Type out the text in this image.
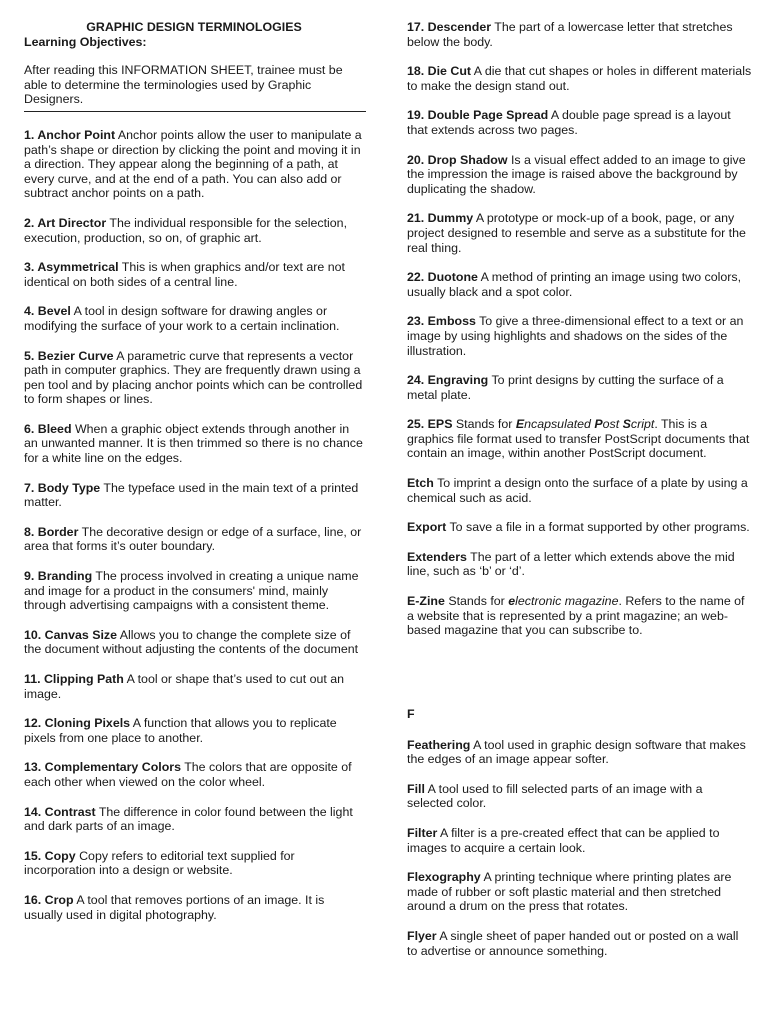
GRAPHIC DESIGN TERMINOLOGIES

Learning Objectives:

After reading this INFORMATION SHEET, trainee must be able to determine the terminologies used by Graphic Designers.

1. Anchor Point Anchor points allow the user to manipulate a path’s shape or direction by clicking the point and moving it in a direction. They appear along the beginning of a path, at every curve, and at the end of a path. You can also add or subtract anchor points on a path.

2. Art Director The individual responsible for the selection, execution, production, so on, of graphic art.

3. Asymmetrical This is when graphics and/or text are not identical on both sides of a central line.

4. Bevel A tool in design software for drawing angles or modifying the surface of your work to a certain inclination.

5. Bezier Curve A parametric curve that represents a vector path in computer graphics. They are frequently drawn using a pen tool and by placing anchor points which can be controlled to form shapes or lines.

6. Bleed When a graphic object extends through another in an unwanted manner. It is then trimmed so there is no chance for a white line on the edges.

7. Body Type The typeface used in the main text of a printed matter.

8. Border The decorative design or edge of a surface, line, or area that forms it’s outer boundary.

9. Branding The process involved in creating a unique name and image for a product in the consumers' mind, mainly through advertising campaigns with a consistent theme.

10. Canvas Size Allows you to change the complete size of the document without adjusting the contents of the document

11. Clipping Path A tool or shape that’s used to cut out an image.

12. Cloning Pixels A function that allows you to replicate pixels from one place to another.

13. Complementary Colors The colors that are opposite of each other when viewed on the color wheel.

14. Contrast The difference in color found between the light and dark parts of an image.

15. Copy Copy refers to editorial text supplied for incorporation into a design or website.

16. Crop A tool that removes portions of an image. It is usually used in digital photography.

17. Descender The part of a lowercase letter that stretches below the body.

18. Die Cut A die that cut shapes or holes in different materials to make the design stand out.

19. Double Page Spread A double page spread is a layout that extends across two pages.

20. Drop Shadow Is a visual effect added to an image to give the impression the image is raised above the background by duplicating the shadow.

21. Dummy A prototype or mock-up of a book, page, or any project designed to resemble and serve as a substitute for the real thing.

22. Duotone A method of printing an image using two colors, usually black and a spot color.

23. Emboss To give a three-dimensional effect to a text or an image by using highlights and shadows on the sides of the illustration.

24. Engraving To print designs by cutting the surface of a metal plate.

25. EPS Stands for Encapsulated Post Script. This is a graphics file format used to transfer PostScript documents that contain an image, within another PostScript document.

Etch To imprint a design onto the surface of a plate by using a chemical such as acid.

Export To save a file in a format supported by other programs.

Extenders The part of a letter which extends above the mid line, such as ‘b’ or ‘d’.

E-Zine Stands for electronic magazine. Refers to the name of a website that is represented by a print magazine; an web-based magazine that you can subscribe to.

F

Feathering A tool used in graphic design software that makes the edges of an image appear softer.

Fill A tool used to fill selected parts of an image with a selected color.

Filter A filter is a pre-created effect that can be applied to images to acquire a certain look.

Flexography A printing technique where printing plates are made of rubber or soft plastic material and then stretched around a drum on the press that rotates.

Flyer A single sheet of paper handed out or posted on a wall to advertise or announce something.
